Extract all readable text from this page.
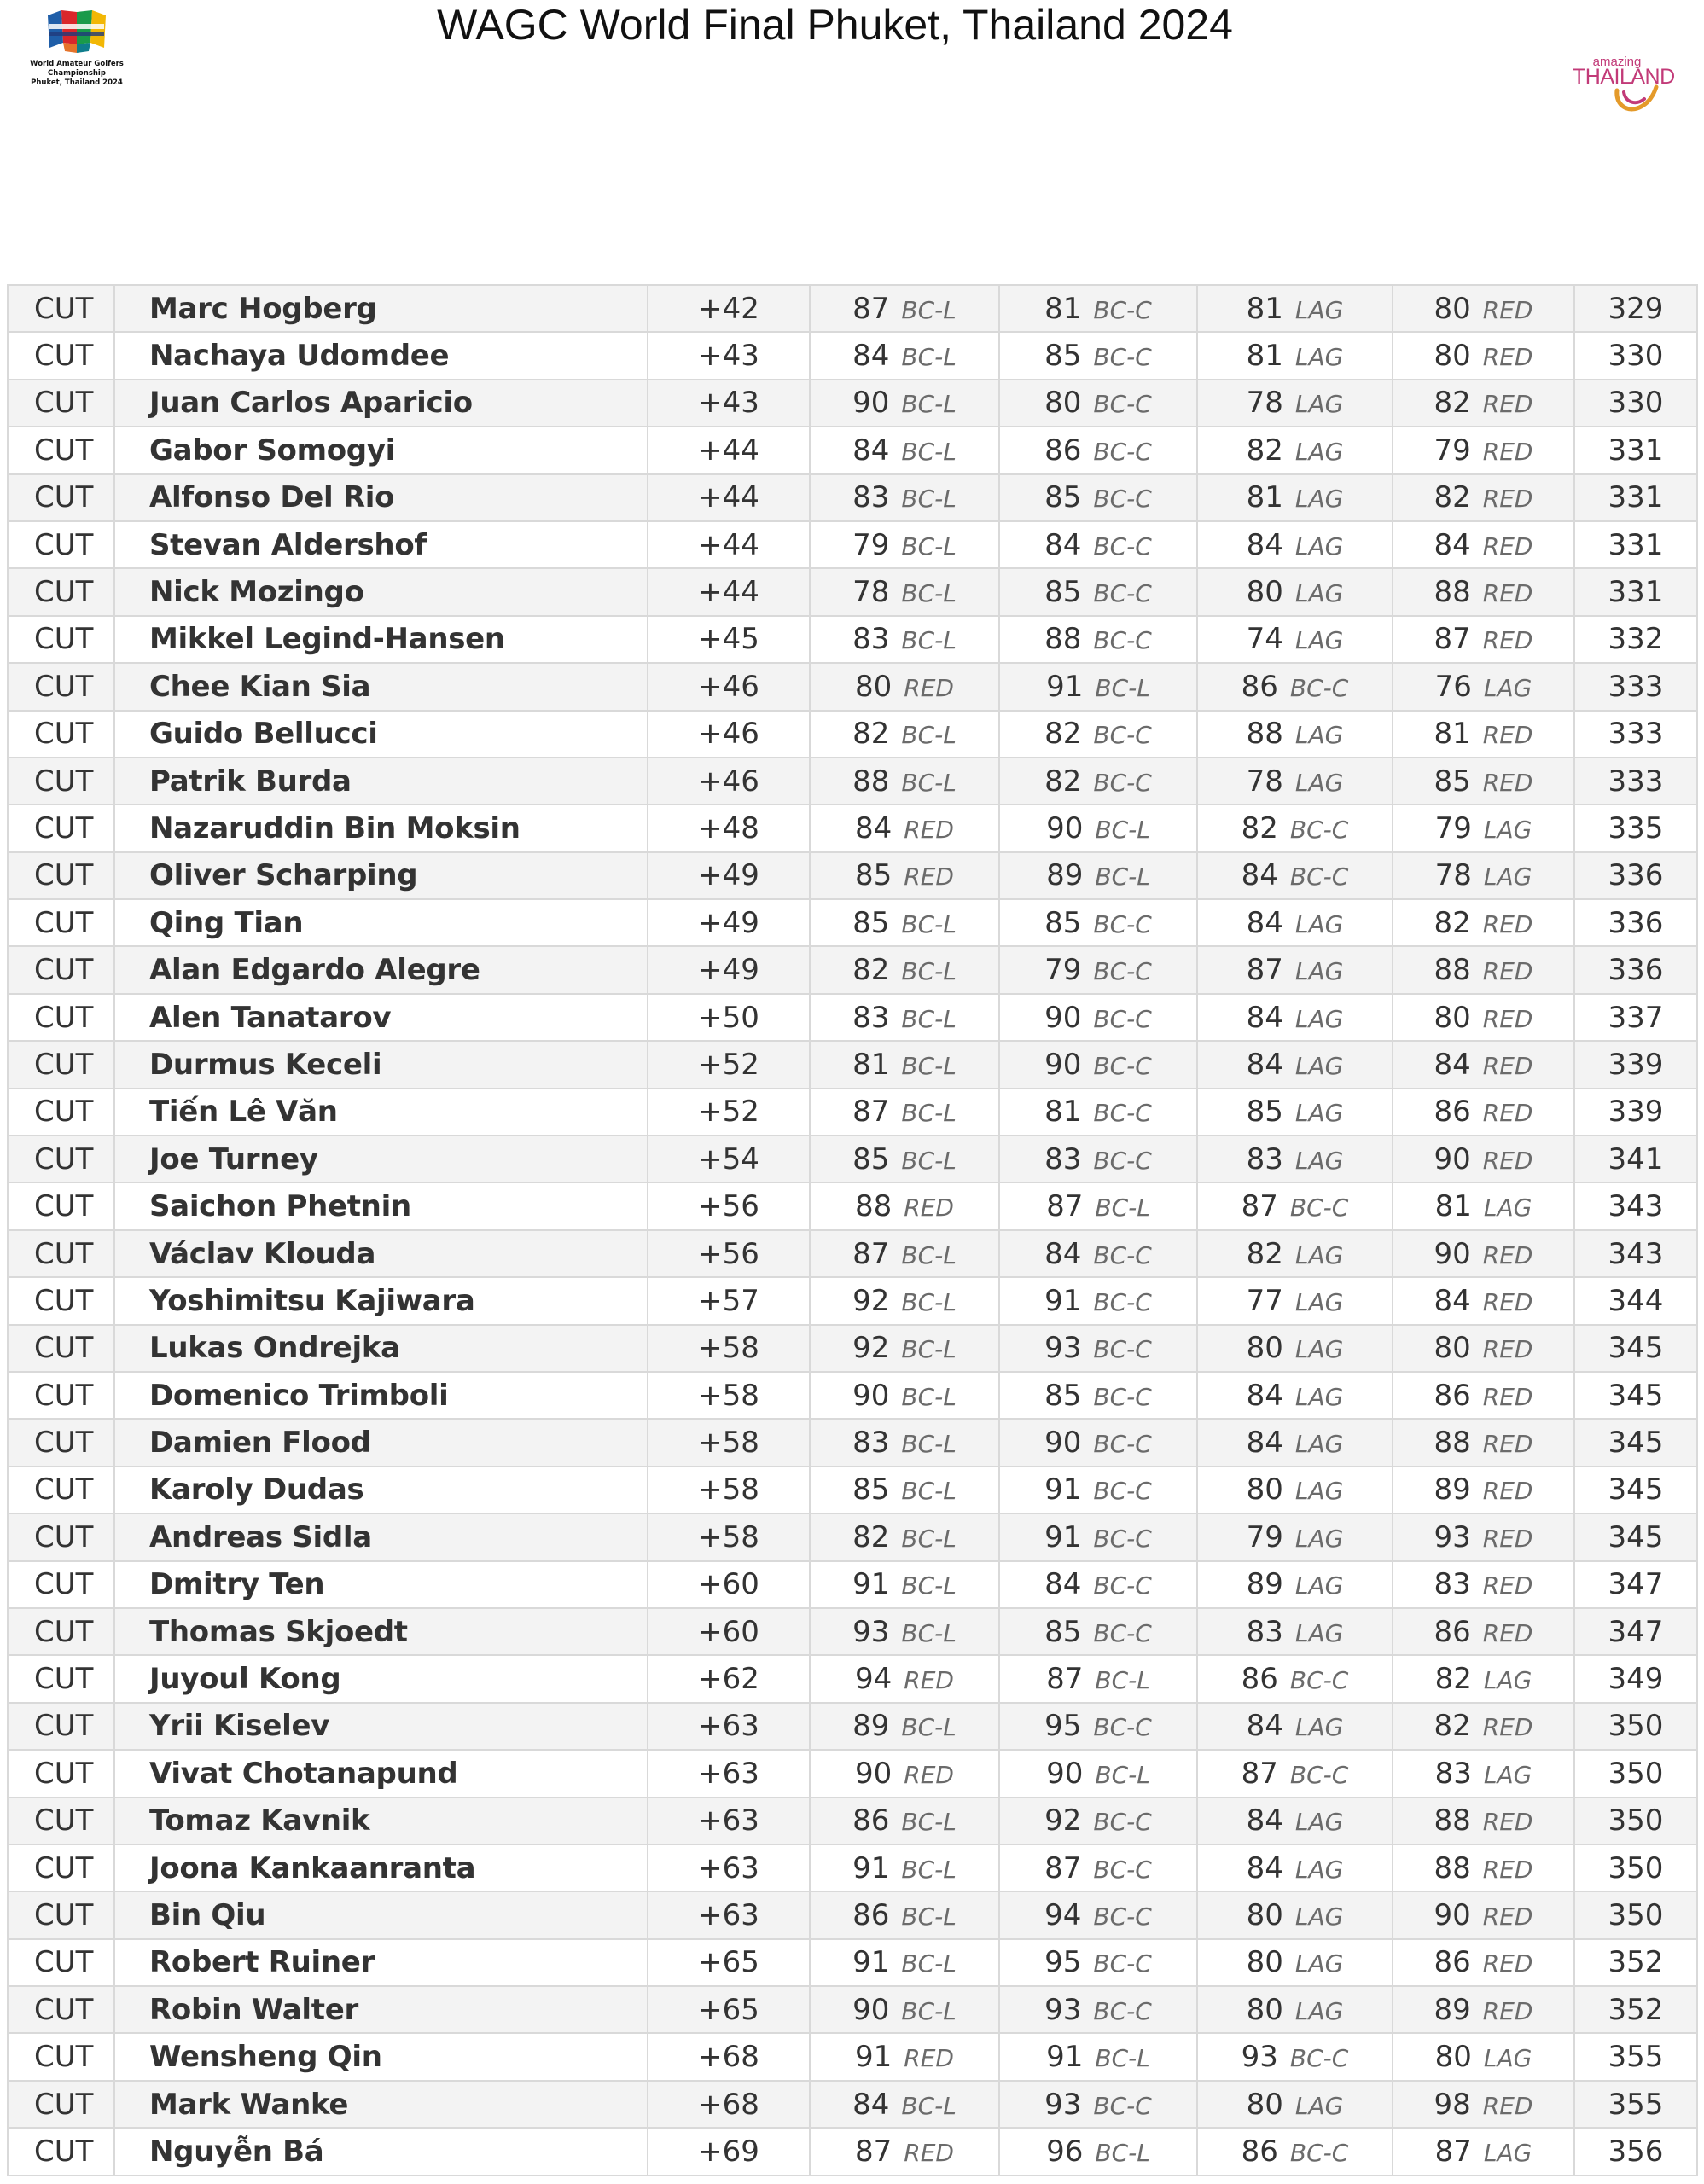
World Amateur Golfers Championship
Phuket, Thailand 2024
WAGC World Final Phuket, Thailand 2024
amazing
THAILAND
CUT	Marc Hogberg	+42	87 BC-L	81 BC-C	81 LAG	80 RED	329
CUT	Nachaya Udomdee	+43	84 BC-L	85 BC-C	81 LAG	80 RED	330
CUT	Juan Carlos Aparicio	+43	90 BC-L	80 BC-C	78 LAG	82 RED	330
CUT	Gabor Somogyi	+44	84 BC-L	86 BC-C	82 LAG	79 RED	331
CUT	Alfonso Del Rio	+44	83 BC-L	85 BC-C	81 LAG	82 RED	331
CUT	Stevan Aldershof	+44	79 BC-L	84 BC-C	84 LAG	84 RED	331
CUT	Nick Mozingo	+44	78 BC-L	85 BC-C	80 LAG	88 RED	331
CUT	Mikkel Legind-Hansen	+45	83 BC-L	88 BC-C	74 LAG	87 RED	332
CUT	Chee Kian Sia	+46	80 RED	91 BC-L	86 BC-C	76 LAG	333
CUT	Guido Bellucci	+46	82 BC-L	82 BC-C	88 LAG	81 RED	333
CUT	Patrik Burda	+46	88 BC-L	82 BC-C	78 LAG	85 RED	333
CUT	Nazaruddin Bin Moksin	+48	84 RED	90 BC-L	82 BC-C	79 LAG	335
CUT	Oliver Scharping	+49	85 RED	89 BC-L	84 BC-C	78 LAG	336
CUT	Qing Tian	+49	85 BC-L	85 BC-C	84 LAG	82 RED	336
CUT	Alan Edgardo Alegre	+49	82 BC-L	79 BC-C	87 LAG	88 RED	336
CUT	Alen Tanatarov	+50	83 BC-L	90 BC-C	84 LAG	80 RED	337
CUT	Durmus Keceli	+52	81 BC-L	90 BC-C	84 LAG	84 RED	339
CUT	Tiến Lê Văn	+52	87 BC-L	81 BC-C	85 LAG	86 RED	339
CUT	Joe Turney	+54	85 BC-L	83 BC-C	83 LAG	90 RED	341
CUT	Saichon Phetnin	+56	88 RED	87 BC-L	87 BC-C	81 LAG	343
CUT	Václav Klouda	+56	87 BC-L	84 BC-C	82 LAG	90 RED	343
CUT	Yoshimitsu Kajiwara	+57	92 BC-L	91 BC-C	77 LAG	84 RED	344
CUT	Lukas Ondrejka	+58	92 BC-L	93 BC-C	80 LAG	80 RED	345
CUT	Domenico Trimboli	+58	90 BC-L	85 BC-C	84 LAG	86 RED	345
CUT	Damien Flood	+58	83 BC-L	90 BC-C	84 LAG	88 RED	345
CUT	Karoly Dudas	+58	85 BC-L	91 BC-C	80 LAG	89 RED	345
CUT	Andreas Sidla	+58	82 BC-L	91 BC-C	79 LAG	93 RED	345
CUT	Dmitry Ten	+60	91 BC-L	84 BC-C	89 LAG	83 RED	347
CUT	Thomas Skjoedt	+60	93 BC-L	85 BC-C	83 LAG	86 RED	347
CUT	Juyoul Kong	+62	94 RED	87 BC-L	86 BC-C	82 LAG	349
CUT	Yrii Kiselev	+63	89 BC-L	95 BC-C	84 LAG	82 RED	350
CUT	Vivat Chotanapund	+63	90 RED	90 BC-L	87 BC-C	83 LAG	350
CUT	Tomaz Kavnik	+63	86 BC-L	92 BC-C	84 LAG	88 RED	350
CUT	Joona Kankaanranta	+63	91 BC-L	87 BC-C	84 LAG	88 RED	350
CUT	Bin Qiu	+63	86 BC-L	94 BC-C	80 LAG	90 RED	350
CUT	Robert Ruiner	+65	91 BC-L	95 BC-C	80 LAG	86 RED	352
CUT	Robin Walter	+65	90 BC-L	93 BC-C	80 LAG	89 RED	352
CUT	Wensheng Qin	+68	91 RED	91 BC-L	93 BC-C	80 LAG	355
CUT	Mark Wanke	+68	84 BC-L	93 BC-C	80 LAG	98 RED	355
CUT	Nguyễn Bá	+69	87 RED	96 BC-L	86 BC-C	87 LAG	356
